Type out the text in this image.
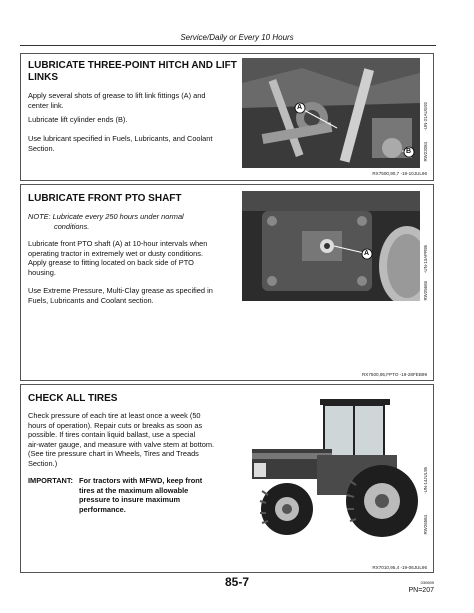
Service/Daily or Every 10 Hours
LUBRICATE THREE-POINT HITCH AND LIFT
LINKS
Apply several shots of grease to lift link fittings (A) and
center link.
Lubricate lift cylinder ends (B).
Use lubricant specified in Fuels, Lubricants, and Coolant
Section.
A
B
-UN-21AUG92
RW22084
RX7500,90,7 -19-10JUL96
LUBRICATE FRONT PTO SHAFT
NOTE: Lubricate every 250 hours under normal
conditions.
Lubricate front PTO shaft (A) at 10-hour intervals when
operating tractor in extremely wet or dusty conditions.
Apply grease to fitting located on back side of PTO
housing.
Use Extreme Pressure, Multi-Clay grease as specified in
Fuels, Lubricants and Coolant section.
A	-UN-13APR95
RW25665
RX7500,95,FPTO -19-28FEB99
CHECK ALL TIRES
Check pressure of each tire at least once a week (50
hours of operation). Repair cuts or breaks as soon as
possible. If tires contain liquid ballast, use a special
air-water gauge, and measure with valve stem at bottom.
(See tire pressure chart in Wheels, Tires and Treads
Section.)
IMPORTANT: For tractors with MFWD, keep front
tires at the maximum allowable
pressure to insure maximum
performance.
-UN-14JUL95
RW26584
RX7010,95,4 -19-06JUL96
85-7	030699
PN=207
